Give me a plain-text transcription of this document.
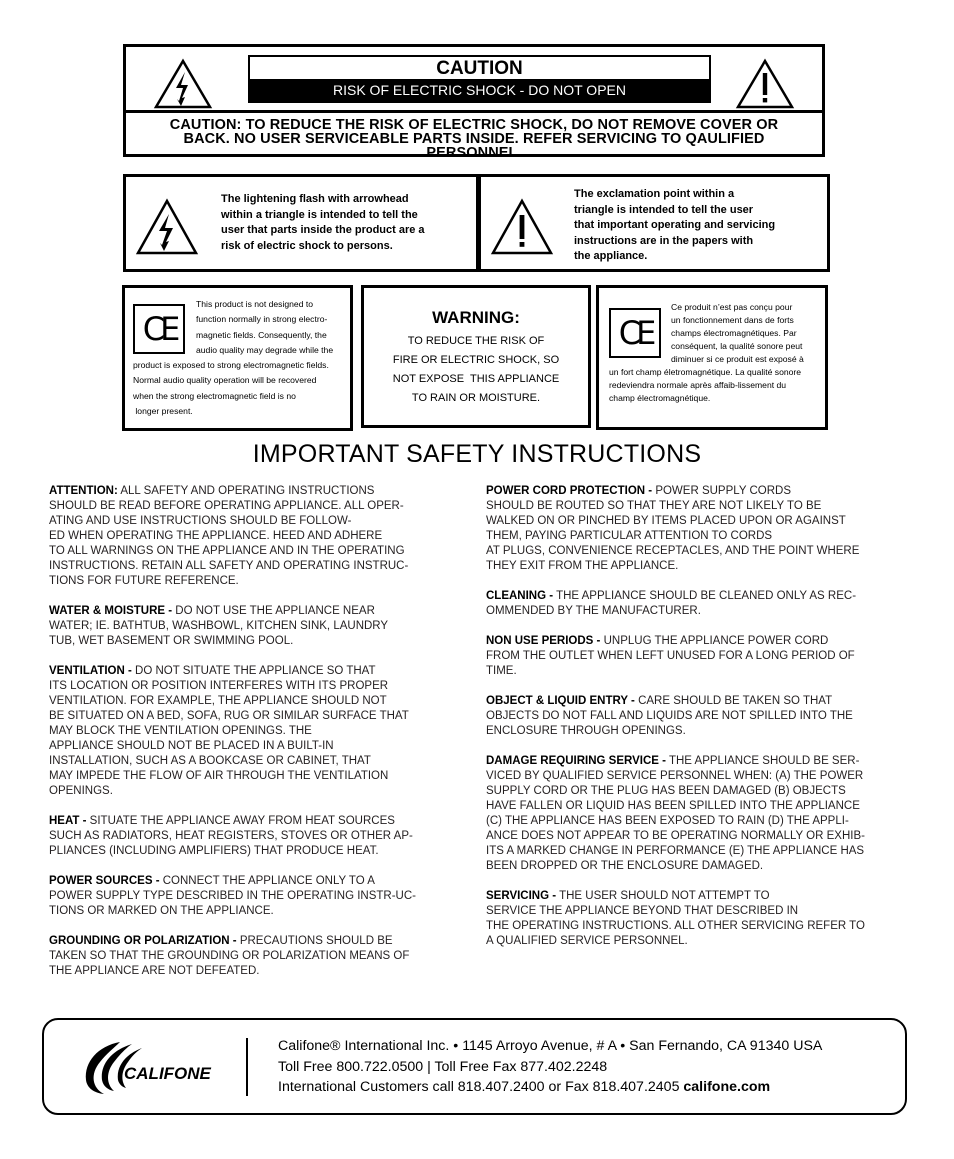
CAUTION
RISK OF ELECTRIC SHOCK - DO NOT OPEN
CAUTION: TO REDUCE THE RISK OF ELECTRIC SHOCK, DO NOT REMOVE COVER OR
BACK. NO USER SERVICEABLE PARTS INSIDE. REFER SERVICING TO QAULIFIED
PERSONNEL.
The lightening flash with arrowhead
within a triangle is intended to tell the
user that parts inside the product are a
risk of electric shock to persons.
The exclamation point within a
triangle is intended to tell the user
that important operating and servicing
instructions are in the papers with
the appliance.
CE
This product is not designed to
function normally in strong electro-
magnetic fields. Consequently, the
audio quality may degrade while the
product is exposed to strong electromagnetic fields.
Normal audio quality operation will be recovered
when the strong electromagnetic field is no
longer present.
WARNING:
TO REDUCE THE RISK OF
FIRE OR ELECTRIC SHOCK, SO
NOT EXPOSE  THIS APPLIANCE
TO RAIN OR MOISTURE.
CE
Ce produit n’est pas conçu pour
un fonctionnement dans de forts
champs électromagnétiques. Par
conséquent, la qualité sonore peut
diminuer si ce produit est exposé à
un fort champ életromagnétique. La qualité sonore
redeviendra normale après affaib-lissement du
champ électromagnétique.
IMPORTANT SAFETY INSTRUCTIONS
ATTENTION: ALL SAFETY AND OPERATING INSTRUCTIONS
SHOULD BE READ BEFORE OPERATING APPLIANCE. ALL OPER-
ATING AND USE INSTRUCTIONS SHOULD BE FOLLOW-
ED WHEN OPERATING THE APPLIANCE. HEED AND ADHERE
TO ALL WARNINGS ON THE APPLIANCE AND IN THE OPERATING
INSTRUCTIONS. RETAIN ALL SAFETY AND OPERATING INSTRUC-
TIONS FOR FUTURE REFERENCE.
WATER & MOISTURE - DO NOT USE THE APPLIANCE NEAR
WATER; IE. BATHTUB, WASHBOWL, KITCHEN SINK, LAUNDRY
TUB, WET BASEMENT OR SWIMMING POOL.
VENTILATION - DO NOT SITUATE THE APPLIANCE SO THAT
ITS LOCATION OR POSITION INTERFERES WITH ITS PROPER
VENTILATION. FOR EXAMPLE, THE APPLIANCE SHOULD NOT
BE SITUATED ON A BED, SOFA, RUG OR SIMILAR SURFACE THAT
MAY BLOCK THE VENTILATION OPENINGS. THE
APPLIANCE SHOULD NOT BE PLACED IN A BUILT-IN
INSTALLATION, SUCH AS A BOOKCASE OR CABINET, THAT
MAY IMPEDE THE FLOW OF AIR THROUGH THE VENTILATION
OPENINGS.
HEAT - SITUATE THE APPLIANCE AWAY FROM HEAT SOURCES
SUCH AS RADIATORS, HEAT REGISTERS, STOVES OR OTHER AP-
PLIANCES (INCLUDING AMPLIFIERS) THAT PRODUCE HEAT.
POWER SOURCES - CONNECT THE APPLIANCE ONLY TO A
POWER SUPPLY TYPE DESCRIBED IN THE OPERATING INSTR-UC-
TIONS OR MARKED ON THE APPLIANCE.
GROUNDING OR POLARIZATION - PRECAUTIONS SHOULD BE
TAKEN SO THAT THE GROUNDING OR POLARIZATION MEANS OF
THE APPLIANCE ARE NOT DEFEATED.
POWER CORD PROTECTION - POWER SUPPLY CORDS
SHOULD BE ROUTED SO THAT THEY ARE NOT LIKELY TO BE
WALKED ON OR PINCHED BY ITEMS PLACED UPON OR AGAINST
THEM, PAYING PARTICULAR ATTENTION TO CORDS
AT PLUGS, CONVENIENCE RECEPTACLES, AND THE POINT WHERE
THEY EXIT FROM THE APPLIANCE.
CLEANING - THE APPLIANCE SHOULD BE CLEANED ONLY AS REC-
OMMENDED BY THE MANUFACTURER.
NON USE PERIODS - UNPLUG THE APPLIANCE POWER CORD
FROM THE OUTLET WHEN LEFT UNUSED FOR A LONG PERIOD OF
TIME.
OBJECT & LIQUID ENTRY - CARE SHOULD BE TAKEN SO THAT
OBJECTS DO NOT FALL AND LIQUIDS ARE NOT SPILLED INTO THE
ENCLOSURE THROUGH OPENINGS.
DAMAGE REQUIRING SERVICE - THE APPLIANCE SHOULD BE SER-
VICED BY QUALIFIED SERVICE PERSONNEL WHEN: (A) THE POWER
SUPPLY CORD OR THE PLUG HAS BEEN DAMAGED (B) OBJECTS
HAVE FALLEN OR LIQUID HAS BEEN SPILLED INTO THE APPLIANCE
(C) THE APPLIANCE HAS BEEN EXPOSED TO RAIN (D) THE APPLI-
ANCE DOES NOT APPEAR TO BE OPERATING NORMALLY OR EXHIB-
ITS A MARKED CHANGE IN PERFORMANCE (E) THE APPLIANCE HAS
BEEN DROPPED OR THE ENCLOSURE DAMAGED.
SERVICING - THE USER SHOULD NOT ATTEMPT TO
SERVICE THE APPLIANCE BEYOND THAT DESCRIBED IN
THE OPERATING INSTRUCTIONS. ALL OTHER SERVICING REFER TO
A QUALIFIED SERVICE PERSONNEL.
CALIFONE
Califone® International Inc. • 1145 Arroyo Avenue, # A • San Fernando, CA 91340 USA
Toll Free 800.722.0500 | Toll Free Fax 877.402.2248
International Customers call 818.407.2400 or Fax 818.407.2405 califone.com
